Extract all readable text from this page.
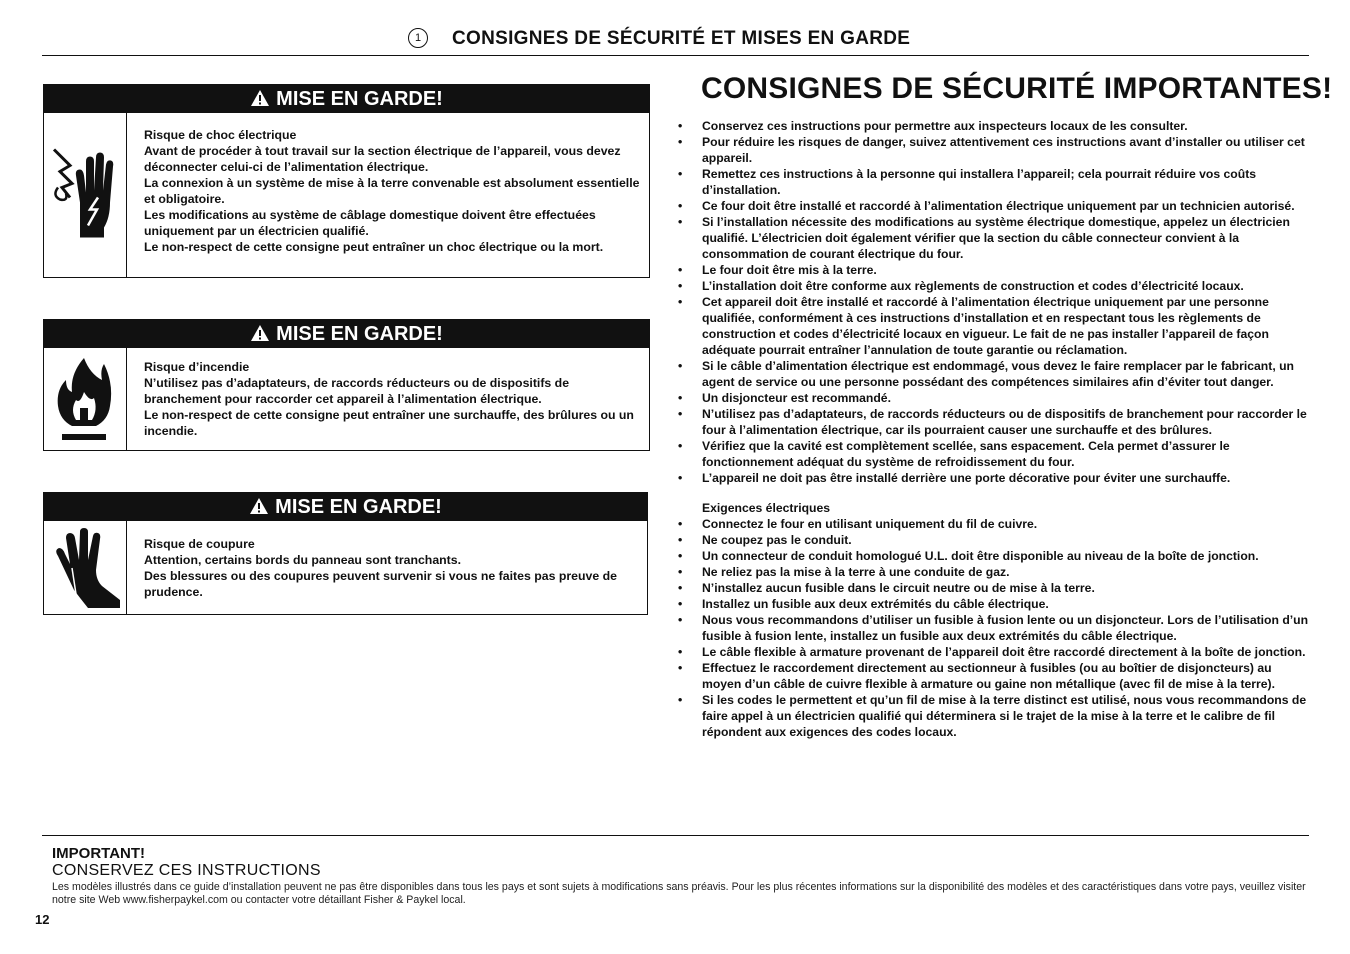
1	CONSIGNES DE SÉCURITÉ ET MISES EN GARDE
MISE EN GARDE!

Risque de choc électrique

Avant de procéder à tout travail sur la section électrique de l’appareil, vous devez déconnecter celui-ci de l’alimentation électrique.

La connexion à un système de mise à la terre convenable est absolument essentielle et obligatoire.

Les modifications au système de câblage domestique doivent être effectuées uniquement par un électricien qualifié.

Le non-respect de cette consigne peut entraîner un choc électrique ou la mort.

MISE EN GARDE!

Risque d’incendie

N’utilisez pas d’adaptateurs, de raccords réducteurs ou de dispositifs de branchement pour raccorder cet appareil à l’alimentation électrique.

Le non-respect de cette consigne peut entraîner une surchauffe, des brûlures ou un incendie.

MISE EN GARDE!

Risque de coupure

Attention, certains bords du panneau sont tranchants.

Des blessures ou des coupures peuvent survenir si vous ne faites pas preuve de prudence.

CONSIGNES DE SÉCURITÉ IMPORTANTES!
• Conservez ces instructions pour permettre aux inspecteurs locaux de les consulter.
• Pour réduire les risques de danger, suivez attentivement ces instructions avant d’installer ou utiliser cet appareil.
• Remettez ces instructions à la personne qui installera l’appareil; cela pourrait réduire vos coûts d’installation.
• Ce four doit être installé et raccordé à l’alimentation électrique uniquement par un technicien autorisé.
• Si l’installation nécessite des modifications au système électrique domestique, appelez un électricien qualifié. L’électricien doit également vérifier que la section du câble connecteur convient à la consommation de courant électrique du four.
• Le four doit être mis à la terre.
• L’installation doit être conforme aux règlements de construction et codes d’électricité locaux.
• Cet appareil doit être installé et raccordé à l’alimentation électrique uniquement par une personne qualifiée, conformément à ces instructions d’installation et en respectant tous les règlements de construction et codes d’électricité locaux en vigueur. Le fait de ne pas installer l’appareil de façon adéquate pourrait entraîner l’annulation de toute garantie ou réclamation.
• Si le câble d’alimentation électrique est endommagé, vous devez le faire remplacer par le fabricant, un agent de service ou une personne possédant des compétences similaires afin d’éviter tout danger.
• Un disjoncteur est recommandé.
• N’utilisez pas d’adaptateurs, de raccords réducteurs ou de dispositifs de branchement pour raccorder le four à l’alimentation électrique, car ils pourraient causer une surchauffe et des brûlures.
• Vérifiez que la cavité est complètement scellée, sans espacement. Cela permet d’assurer le fonctionnement adéquat du système de refroidissement du four.
• L’appareil ne doit pas être installé derrière une porte décorative pour éviter une surchauffe.
Exigences électriques
• Connectez le four en utilisant uniquement du fil de cuivre.
• Ne coupez pas le conduit.
• Un connecteur de conduit homologué U.L. doit être disponible au niveau de la boîte de jonction.
• Ne reliez pas la mise à la terre à une conduite de gaz.
• N’installez aucun fusible dans le circuit neutre ou de mise à la terre.
• Installez un fusible aux deux extrémités du câble électrique.
• Nous vous recommandons d’utiliser un fusible à fusion lente ou un disjoncteur. Lors de l’utilisation d’un fusible à fusion lente, installez un fusible aux deux extrémités du câble électrique.
• Le câble flexible à armature provenant de l’appareil doit être raccordé directement à la boîte de jonction.
• Effectuez le raccordement directement au sectionneur à fusibles (ou au boîtier de disjoncteurs) au moyen d’un câble de cuivre flexible à armature ou gaine non métallique (avec fil de mise à la terre).
• Si les codes le permettent et qu’un fil de mise à la terre distinct est utilisé, nous vous recommandons de faire appel à un électricien qualifié qui déterminera si le trajet de la mise à la terre et le calibre de fil répondent aux exigences des codes locaux.
IMPORTANT!
CONSERVEZ CES INSTRUCTIONS
Les modèles illustrés dans ce guide d’installation peuvent ne pas être disponibles dans tous les pays et sont sujets à modifications sans préavis. Pour les plus récentes informations sur la disponibilité des modèles et des caractéristiques dans votre pays, veuillez visiter notre site Web www.fisherpaykel.com ou contacter votre détaillant Fisher & Paykel local.
12
